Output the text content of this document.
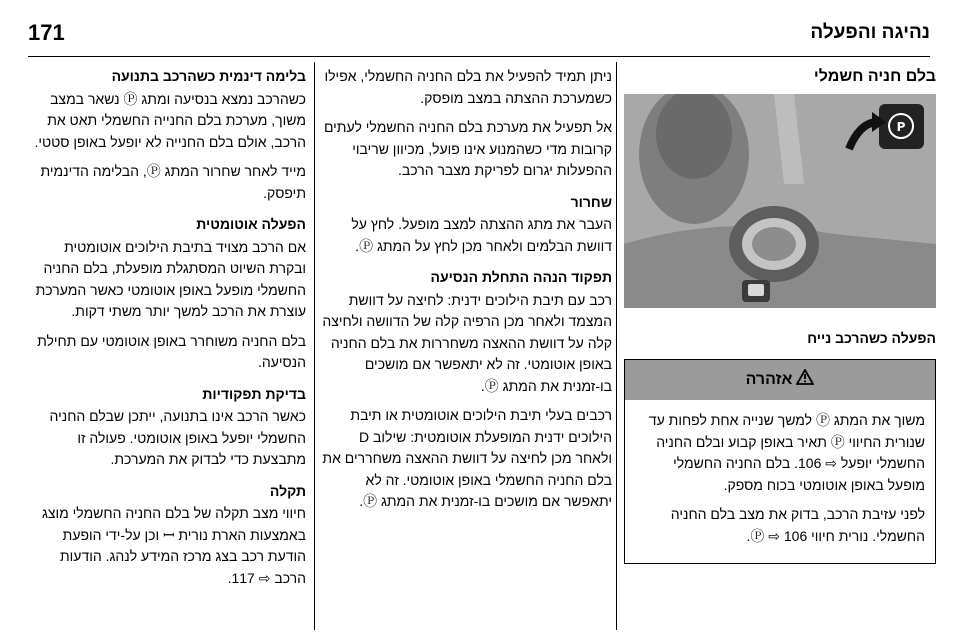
נהיגה והפעלה
171
בלם חניה חשמלי
P
הפעלה כשהרכב נייח
אזהרה

משוך את המתג Ⓟ למשך שנייה אחת לפחות עד שנורית החיווי Ⓟ תאיר באופן קבוע ובלם החניה החשמלי יופעל ⇨ 106. בלם החניה החשמלי מופעל באופן אוטומטי בכוח מספק.

לפני עזיבת הרכב, בדוק את מצב בלם החניה החשמלי. נורית חיווי Ⓟ ⇨ 106.

ניתן תמיד להפעיל את בלם החניה החשמלי, אפילו כשמערכת ההצתה במצב מופסק.

אל תפעיל את מערכת בלם החניה החשמלי לעתים קרובות מדי כשהמנוע אינו פועל, מכיוון שריבוי ההפעלות יגרום לפריקת מצבר הרכב.

שחרור

העבר את מתג ההצתה למצב מופעל. לחץ על דוושת הבלמים ולאחר מכן לחץ על המתג Ⓟ.

תפקוד הנהה התחלת הנסיעה

רכב עם תיבת הילוכים ידנית: לחיצה על דוושת המצמד ולאחר מכן הרפיה קלה של הדוושה ולחיצה קלה על דוושת ההאצה משחררות את בלם החניה באופן אוטומטי. זה לא יתאפשר אם מושכים בו-זמנית את המתג Ⓟ.

רכבים בעלי תיבת הילוכים אוטומטית או תיבת הילוכים ידנית המופעלת אוטומטית: שילוב D ולאחר מכן לחיצה על דוושת ההאצה משחררים את בלם החניה החשמלי באופן אוטומטי. זה לא יתאפשר אם מושכים בו-זמנית את המתג Ⓟ.

בלימה דינמית כשהרכב בתנועה

כשהרכב נמצא בנסיעה ומתג Ⓟ נשאר במצב משוך, מערכת בלם החנייה החשמלי תאט את הרכב, אולם בלם החנייה לא יופעל באופן סטטי.

מייד לאחר שחרור המתג Ⓟ, הבלימה הדינמית תיפסק.

הפעלה אוטומטית

אם הרכב מצויד בתיבת הילוכים אוטומטית ובקרת השיוט המסתגלת מופעלת, בלם החניה החשמלי מופעל באופן אוטומטי כאשר המערכת עוצרת את הרכב למשך יותר משתי דקות.

בלם החניה משוחרר באופן אוטומטי עם תחילת הנסיעה.

בדיקת תפקודיות

כאשר הרכב אינו בתנועה, ייתכן שבלם החניה החשמלי יופעל באופן אוטומטי. פעולה זו מתבצעת כדי לבדוק את המערכת.

תקלה

חיווי מצב תקלה של בלם החניה החשמלי מוצג באמצעות הארת נורית ꟷ וכן על-ידי הופעת הודעת רכב בצג מרכז המידע לנהג. הודעות הרכב ⇨ 117.
